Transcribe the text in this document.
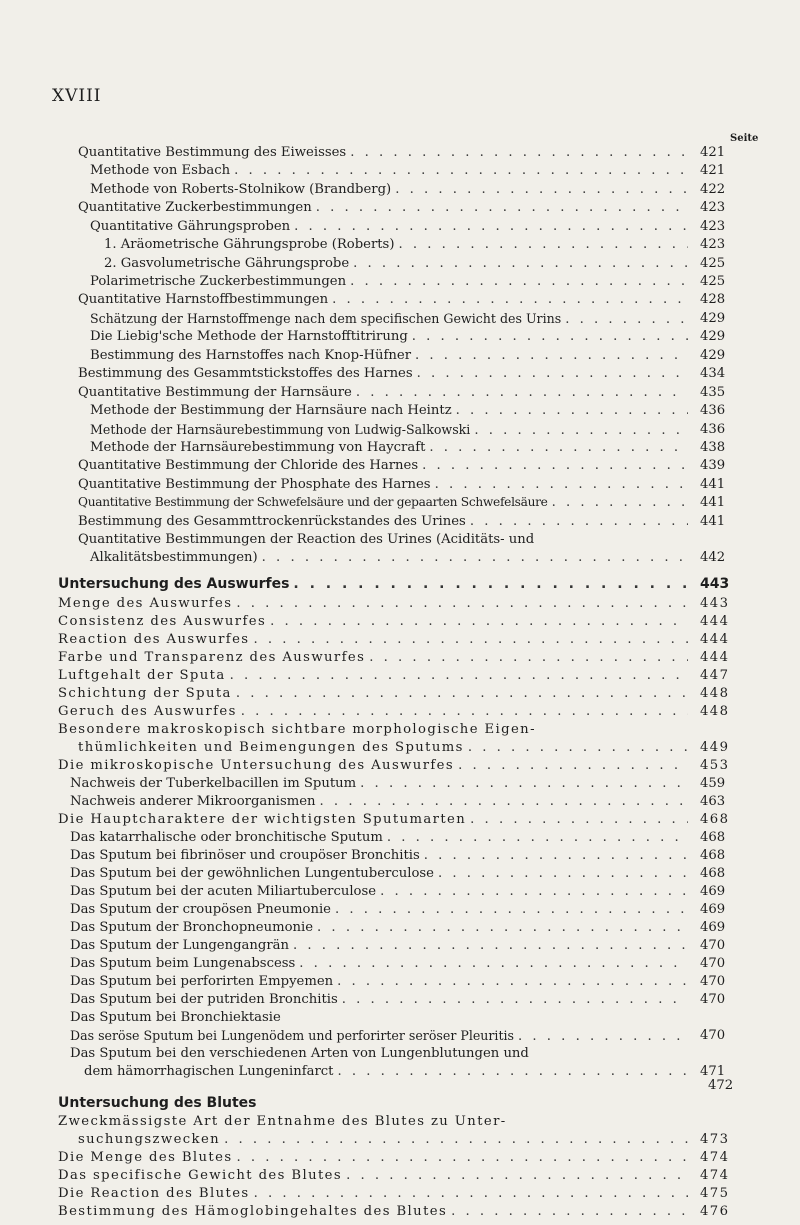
XVIII
Seite
Quantitative Bestimmung des Eiweisses . . .	421
Methode von Esbach . . .	421
Methode von Roberts-Stolnikow (Brandberg) . . .	422
Quantitative Zuckerbestimmungen . . .	423
Quantitative Gährungsproben . . .	423
1. Aräometrische Gährungsprobe (Roberts) . . .	423
2. Gasvolumetrische Gährungsprobe . . .	425
Polarimetrische Zuckerbestimmungen . . .	425
Quantitative Harnstoffbestimmungen . . .	428
Schätzung der Harnstoffmenge nach dem specifischen Gewicht des Urins . . .	429
Die Liebig'sche Methode der Harnstofftitrirung . . .	429
Bestimmung des Harnstoffes nach Knop-Hüfner . . .	429
Bestimmung des Gesammtstickstoffes des Harnes . . .	434
Quantitative Bestimmung der Harnsäure . . .	435
Methode der Bestimmung der Harnsäure nach Heintz . . .	436
Methode der Harnsäurebestimmung von Ludwig-Salkowski . . .	436
Methode der Harnsäurebestimmung von Haycraft . . .	438
Quantitative Bestimmung der Chloride des Harnes . . .	439
Quantitative Bestimmung der Phosphate des Harnes . . .	441
Quantitative Bestimmung der Schwefelsäure und der gepaarten Schwefelsäure . . .	441
Bestimmung des Gesammttrockenrückstandes des Urines . . .	441
Quantitative Bestimmungen der Reaction des Urines (Aciditäts- und
Alkalitätsbestimmungen) . . .	442
Untersuchung des Auswurfes . . .	443
Menge des Auswurfes . . .	443
Consistenz des Auswurfes . . .	444
Reaction des Auswurfes . . .	444
Farbe und Transparenz des Auswurfes . . .	444
Luftgehalt der Sputa . . .	447
Schichtung der Sputa . . .	448
Geruch des Auswurfes . . .	448
Besondere makroskopisch sichtbare morphologische Eigen-
thümlichkeiten und Beimengungen des Sputums . . .	449
Die mikroskopische Untersuchung des Auswurfes . . .	453
Nachweis der Tuberkelbacillen im Sputum . . .	459
Nachweis anderer Mikroorganismen . . .	463
Die Hauptcharaktere der wichtigsten Sputumarten . . .	468
Das katarrhalische oder bronchitische Sputum . . .	468
Das Sputum bei fibrinöser und croupöser Bronchitis . . .	468
Das Sputum bei der gewöhnlichen Lungentuberculose . . .	468
Das Sputum bei der acuten Miliartuberculose . . .	469
Das Sputum der croupösen Pneumonie . . .	469
Das Sputum der Bronchopneumonie . . .	469
Das Sputum der Lungengangrän . . .	470
Das Sputum beim Lungenabscess . . .	470
Das Sputum bei perforirten Empyemen . . .	470
Das Sputum bei der putriden Bronchitis . . .	470
Das Sputum bei Bronchiektasie
Das seröse Sputum bei Lungenödem und perforirter seröser Pleuritis . . .	470
Das Sputum bei den verschiedenen Arten von Lungenblutungen und
dem hämorrhagischen Lungeninfarct . . .	471
472
Untersuchung des Blutes
Zweckmässigste Art der Entnahme des Blutes zu Unter-
suchungszwecken . . .	473
Die Menge des Blutes . . .	474
Das specifische Gewicht des Blutes . . .	474
Die Reaction des Blutes . . .	475
Bestimmung des Hämoglobingehaltes des Blutes . . .	476
